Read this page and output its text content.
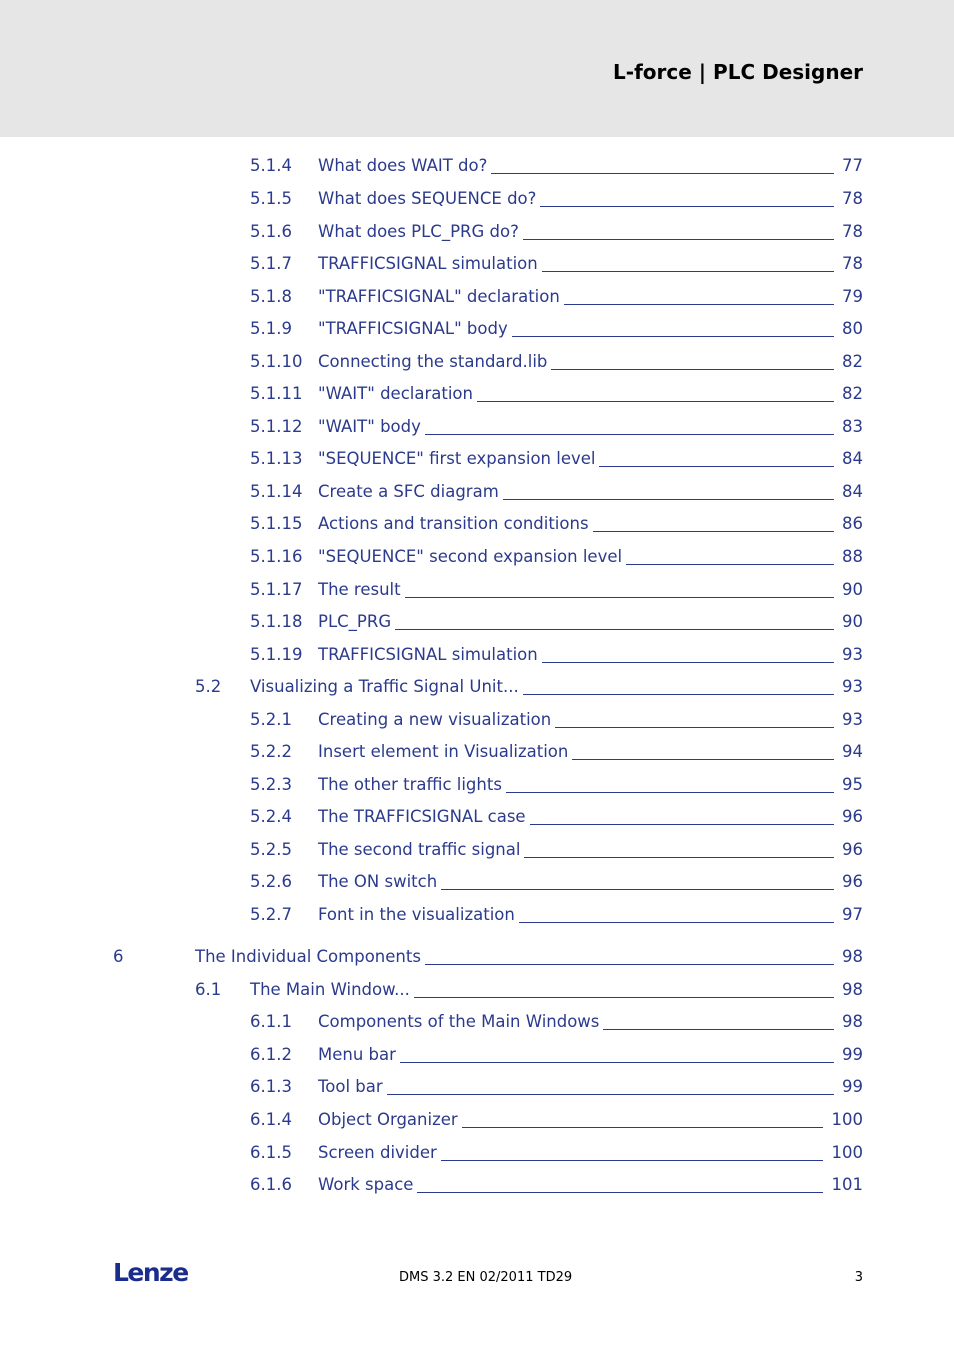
L-force | PLC Designer
5.1.4 What does WAIT do?	77
5.1.5 What does SEQUENCE do?	78
5.1.6 What does PLC_PRG do?	78
5.1.7 TRAFFICSIGNAL simulation	78
5.1.8 "TRAFFICSIGNAL" declaration	79
5.1.9 "TRAFFICSIGNAL" body	80
5.1.10 Connecting the standard.lib	82
5.1.11 "WAIT" declaration	82
5.1.12 "WAIT" body	83
5.1.13 "SEQUENCE" first expansion level	84
5.1.14 Create a SFC diagram	84
5.1.15 Actions and transition conditions	86
5.1.16 "SEQUENCE" second expansion level	88
5.1.17 The result	90
5.1.18 PLC_PRG	90
5.1.19 TRAFFICSIGNAL simulation	93
5.2 Visualizing a Traffic Signal Unit...	93
5.2.1 Creating a new visualization	93
5.2.2 Insert element in Visualization	94
5.2.3 The other traffic lights	95
5.2.4 The TRAFFICSIGNAL case	96
5.2.5 The second traffic signal	96
5.2.6 The ON switch	96
5.2.7 Font in the visualization	97
6	The Individual Components	98
6.1 The Main Window...	98
6.1.1 Components of the Main Windows	98
6.1.2 Menu bar	99
6.1.3 Tool bar	99
6.1.4 Object Organizer	100
6.1.5 Screen divider	100
6.1.6 Work space	101
Lenze	DMS 3.2 EN 02/2011 TD29	3
